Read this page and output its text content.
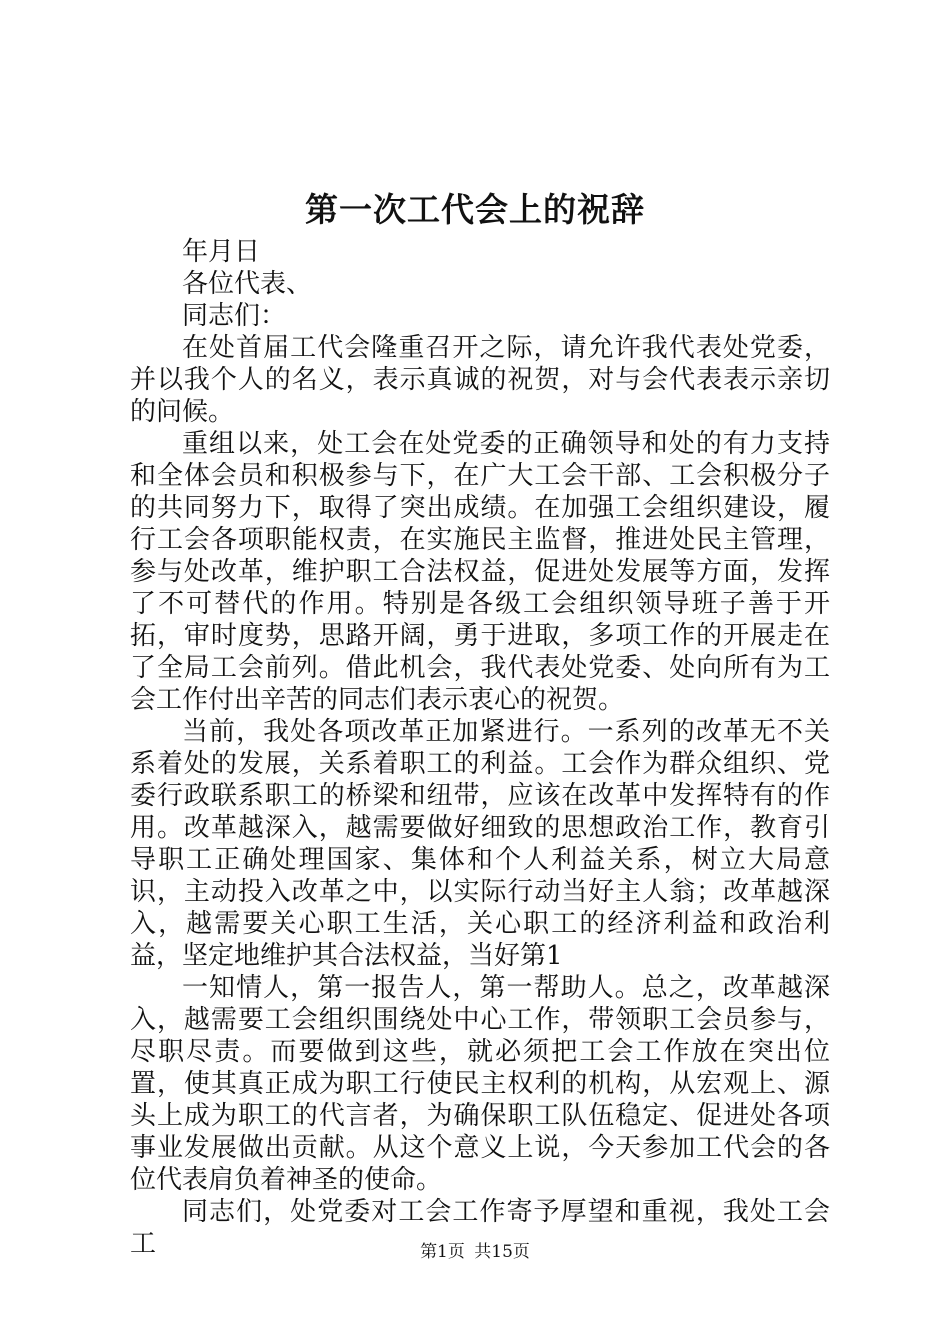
第一次工代会上的祝辞

年月日

各位代表、

同志们：

在处首届工代会隆重召开之际，请允许我代表处党委，并以我个人的名义，表示真诚的祝贺，对与会代表表示亲切的问候。

重组以来，处工会在处党委的正确领导和处的有力支持和全体会员和积极参与下，在广大工会干部、工会积极分子的共同努力下，取得了突出成绩。在加强工会组织建设，履行工会各项职能权责，在实施民主监督，推进处民主管理，参与处改革，维护职工合法权益，促进处发展等方面，发挥了不可替代的作用。特别是各级工会组织领导班子善于开拓，审时度势，思路开阔，勇于进取，多项工作的开展走在了全局工会前列。借此机会，我代表处党委、处向所有为工会工作付出辛苦的同志们表示衷心的祝贺。

当前，我处各项改革正加紧进行。一系列的改革无不关系着处的发展，关系着职工的利益。工会作为群众组织、党委行政联系职工的桥梁和纽带，应该在改革中发挥特有的作用。改革越深入，越需要做好细致的思想政治工作，教育引导职工正确处理国家、集体和个人利益关系，树立大局意识，主动投入改革之中，以实际行动当好主人翁；改革越深入，越需要关心职工生活，关心职工的经济利益和政治利益，坚定地维护其合法权益，当好第1

一知情人，第一报告人，第一帮助人。总之，改革越深入，越需要工会组织围绕处中心工作，带领职工会员参与，尽职尽责。而要做到这些，就必须把工会工作放在突出位置，使其真正成为职工行使民主权利的机构，从宏观上、源头上成为职工的代言者，为确保职工队伍稳定、促进处各项事业发展做出贡献。从这个意义上说，今天参加工代会的各位代表肩负着神圣的使命。

同志们，处党委对工会工作寄予厚望和重视，我处工会工	第1页 共15页
